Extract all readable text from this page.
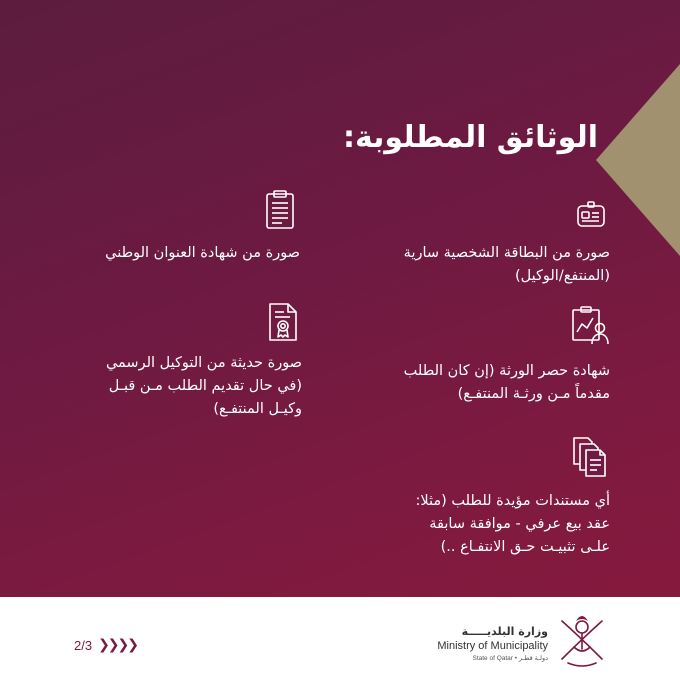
الوثائق المطلوبة:
صورة من البطاقة الشخصية سارية
(المنتفع/الوكيل)
صورة من شهادة العنوان الوطني
شهادة حصر الورثة (إن كان الطلب
مقدماً مـن ورثـة المنتفـع)
صورة حديثة من التوكيل الرسمي
(في حال تقديم الطلب مـن قبـل
وكيـل المنتفـع)
أي مستندات مؤيدة للطلب (مثلا:
عقد بيع عرفي - موافقة سابقة
علـى تثبيـت حـق الانتفـاع ..)
2/3 ❯❯❯❯
وزارة البلديـــــة
Ministry of Municipality
State of Qatar • دولـة قطـر
